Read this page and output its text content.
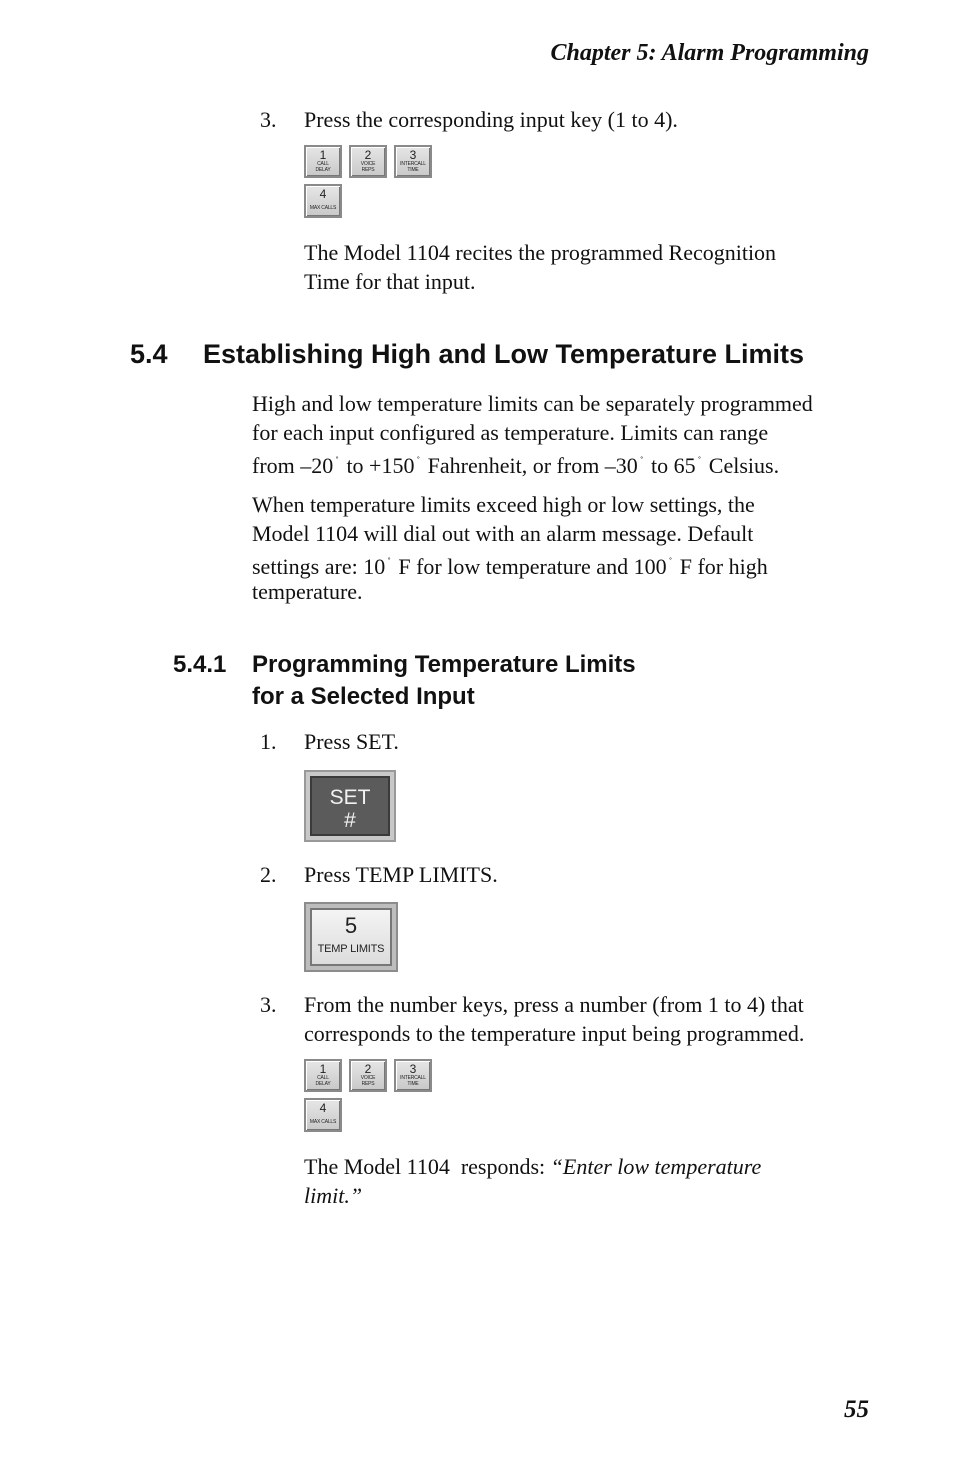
Chapter 5: Alarm Programming
3.	Press the corresponding input key (1 to 4).
1
CALL
DELAY
2
VOICE
REPS
3
INTERCALL
TIME
4
MAX CALLS
The Model 1104 recites the programmed Recognition
Time for that input.
5.4 Establishing High and Low Temperature Limits
High and low temperature limits can be separately programmed
for each input configured as temperature. Limits can range
from –20 ˚ to +150 ˚ Fahrenheit, or from –30 ˚ to 65 ˚ Celsius.
When temperature limits exceed high or low settings, the
Model 1104 will dial out with an alarm message. Default
settings are: 10 ˚ F for low temperature and 100 ˚ F for high
temperature.
5.4.1 Programming Temperature Limits
for a Selected Input
1.	Press SET.
SET
#
2.	Press TEMP LIMITS.
5
TEMP LIMITS
3.	From the number keys, press a number (from 1 to 4) that
corresponds to the temperature input being programmed.
1
CALL
DELAY
2
VOICE
REPS
3
INTERCALL
TIME
4
MAX CALLS
The Model 1104  responds: “Enter low temperature
limit.”
55
